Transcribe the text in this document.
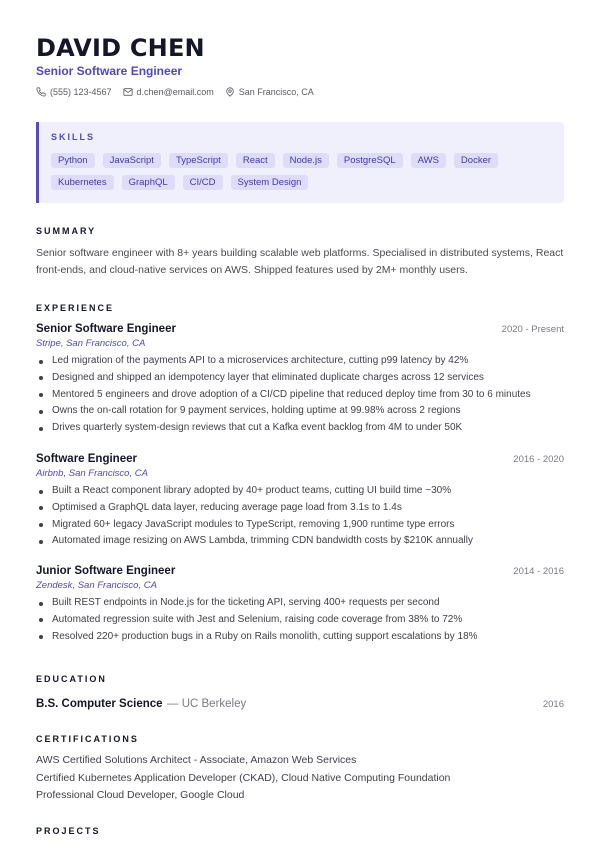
DAVID CHEN
Senior Software Engineer
(555) 123-4567	d.chen@email.com	San Francisco, CA
SKILLS
Python	JavaScript	TypeScript	React	Node.js	PostgreSQL	AWS	Docker
Kubernetes	GraphQL	CI/CD	System Design
SUMMARY

Senior software engineer with 8+ years building scalable web platforms. Specialised in distributed systems, React front-ends, and cloud-native services on AWS. Shipped features used by 2M+ monthly users.

EXPERIENCE
Senior Software Engineer	2020 - Present
Stripe, San Francisco, CA
Led migration of the payments API to a microservices architecture, cutting p99 latency by 42%
Designed and shipped an idempotency layer that eliminated duplicate charges across 12 services
Mentored 5 engineers and drove adoption of a CI/CD pipeline that reduced deploy time from 30 to 6 minutes
Owns the on-call rotation for 9 payment services, holding uptime at 99.98% across 2 regions
Drives quarterly system-design reviews that cut a Kafka event backlog from 4M to under 50K
Software Engineer	2016 - 2020
Airbnb, San Francisco, CA
Built a React component library adopted by 40+ product teams, cutting UI build time ~30%
Optimised a GraphQL data layer, reducing average page load from 3.1s to 1.4s
Migrated 60+ legacy JavaScript modules to TypeScript, removing 1,900 runtime type errors
Automated image resizing on AWS Lambda, trimming CDN bandwidth costs by $210K annually
Junior Software Engineer	2014 - 2016
Zendesk, San Francisco, CA
Built REST endpoints in Node.js for the ticketing API, serving 400+ requests per second
Automated regression suite with Jest and Selenium, raising code coverage from 38% to 72%
Resolved 220+ production bugs in a Ruby on Rails monolith, cutting support escalations by 18%
EDUCATION
B.S. Computer Science — UC Berkeley	2016
CERTIFICATIONS
AWS Certified Solutions Architect - Associate, Amazon Web Services
Certified Kubernetes Application Developer (CKAD), Cloud Native Computing Foundation
Professional Cloud Developer, Google Cloud
PROJECTS
